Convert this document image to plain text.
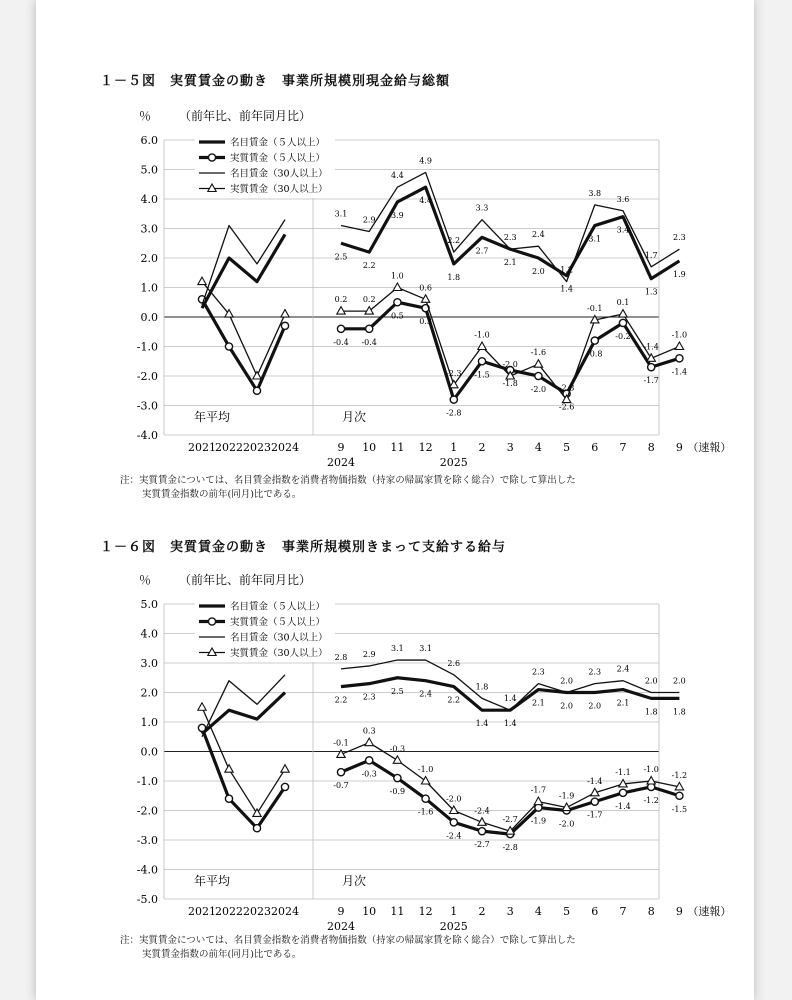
１－５図　実質賃金の動き　事業所規模別現金給与総額
6.0
5.0
4.0
3.0
2.0
1.0
0.0
-1.0
-2.0
-3.0
-4.0
％ （前年比、前年同月比）
2021 2022 2023 2024	9 10 11 12 1 2 3 4 5 6 7 8 9 （速報）
2024	2025
年平均	月次
2.5
2.2
3.9
4.4
1.8
2.7
2.1
2.0
1.4
3.1
3.4
1.3
1.9
-0.4 -0.4
0.5
0.3
-2.8
-1.5
-1.8
-2.0
-2.6
-0.8
-0.2
-1.7
-1.4
3.1
2.9
4.4
4.9
2.2
3.3
2.3 2.4
1.2
3.8
3.6
1.7
2.3
0.2 0.2
1.0
0.6
-2.3
-1.0
-2.0
-1.6
-2.8
-0.1
0.1
-1.4
-1.0
名目賃金（５人以上）
実質賃金（５人以上）
名目賃金（30人以上）
実質賃金（30人以上）
注：実質賃金については、名目賃金指数を消費者物価指数（持家の帰属家賃を除く総合）で除して算出した
実質賃金指数の前年(同月)比である。
１－６図　実質賃金の動き　事業所規模別きまって支給する給与
5.0
4.0
3.0
2.0
1.0
0.0
-1.0
-2.0
-3.0
-4.0
-5.0
％ （前年比、前年同月比）
2021 2022 2023 2024	9 10 11 12 1 2 3 4 5 6 7 8 9 （速報）
2024	2025
年平均	月次
2.2 2.3
2.5 2.4
2.2
1.4 1.4
2.1 2.0 2.0 2.1
1.8 1.8
-0.7
-0.3
-0.9
-1.6
-2.4
-2.7 -2.8
-1.9 -2.0
-1.7
-1.4
-1.2
-1.5
2.8 2.9
3.1 3.1
2.6
1.8
1.4
2.3
2.0
2.3 2.4
2.0 2.0
-0.1
0.3
-0.3
-1.0
-2.0
-2.4
-2.7
-1.7
-1.9
-1.4
-1.1 -1.0
-1.2
名目賃金（５人以上）
実質賃金（５人以上）
名目賃金（30人以上）
実質賃金（30人以上）
注：実質賃金については、名目賃金指数を消費者物価指数（持家の帰属家賃を除く総合）で除して算出した
実質賃金指数の前年(同月)比である。
